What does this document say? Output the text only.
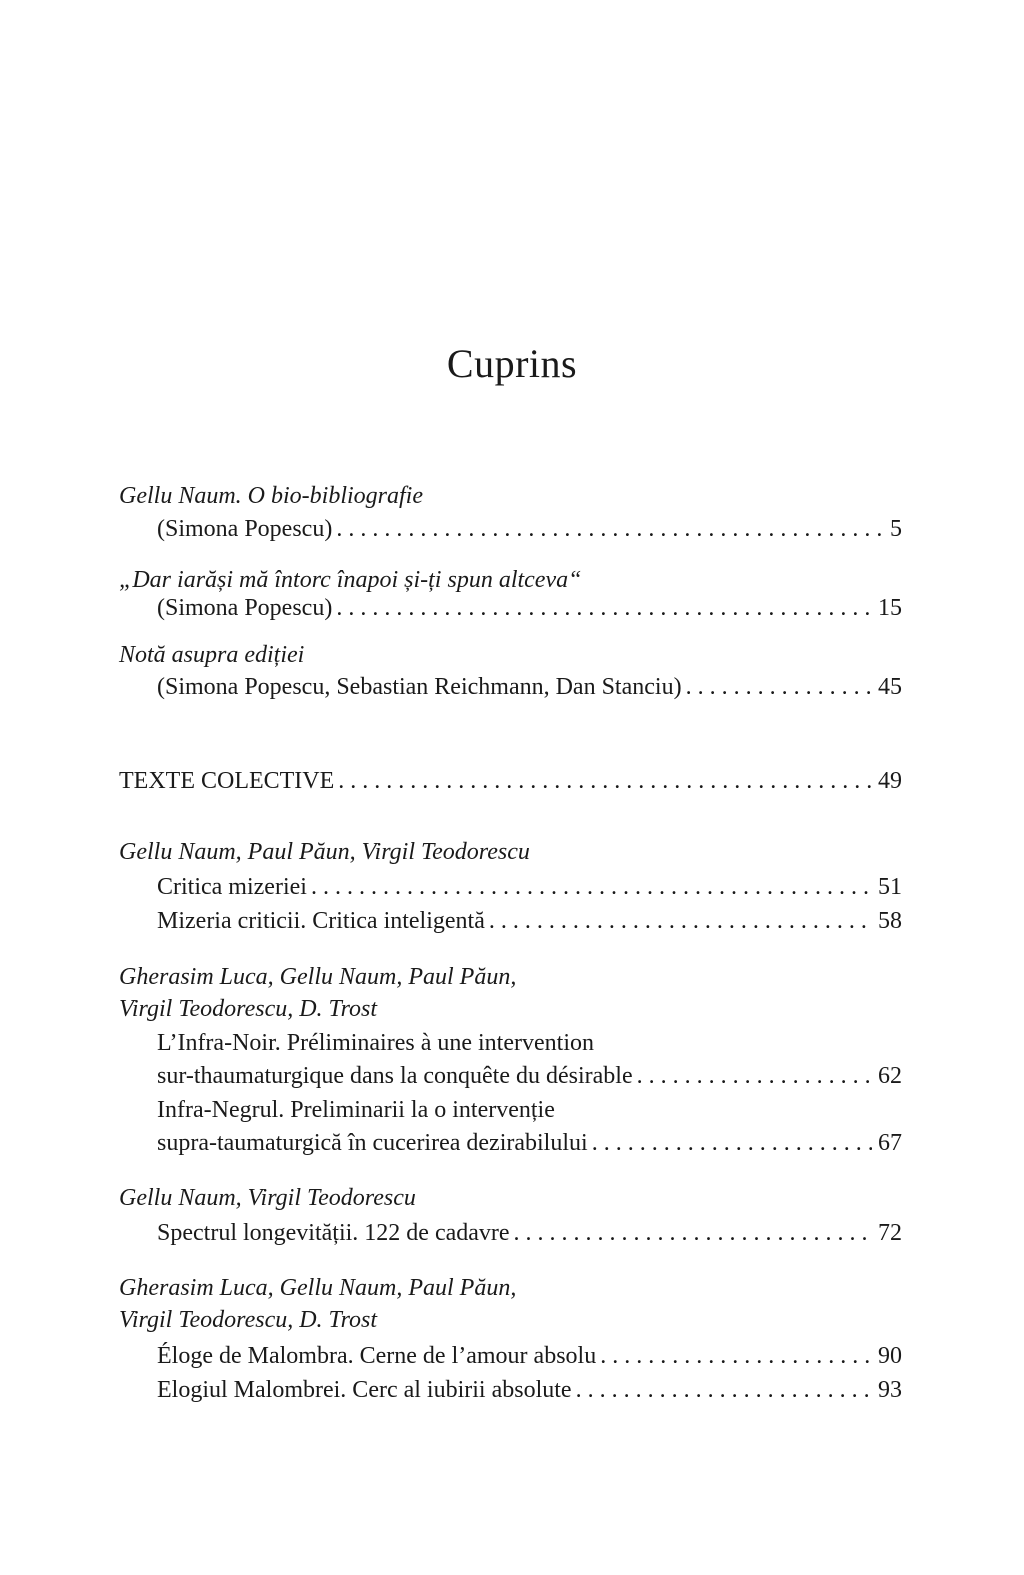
Cuprins
Gellu Naum. O bio-bibliografie
(Simona Popescu) . . .	5
„Dar iarăși mă întorc înapoi și-ți spun altceva“
(Simona Popescu) . . .	15
Notă asupra ediției
(Simona Popescu, Sebastian Reichmann, Dan Stanciu) . . .	45
TEXTE COLECTIVE . . .	49
Gellu Naum, Paul Păun, Virgil Teodorescu
Critica mizeriei . . .	51
Mizeria criticii. Critica inteligentă . . .	58
Gherasim Luca, Gellu Naum, Paul Păun,
Virgil Teodorescu, D. Trost
L’Infra-Noir. Préliminaires à une intervention
sur-thaumaturgique dans la conquête du désirable . . .	62
Infra-Negrul. Preliminarii la o intervenție
supra-taumaturgică în cucerirea dezirabilului . . .	67
Gellu Naum, Virgil Teodorescu
Spectrul longevității. 122 de cadavre . . .	72
Gherasim Luca, Gellu Naum, Paul Păun,
Virgil Teodorescu, D. Trost
Éloge de Malombra. Cerne de l’amour absolu . . .	90
Elogiul Malombrei. Cerc al iubirii absolute . . .	93
